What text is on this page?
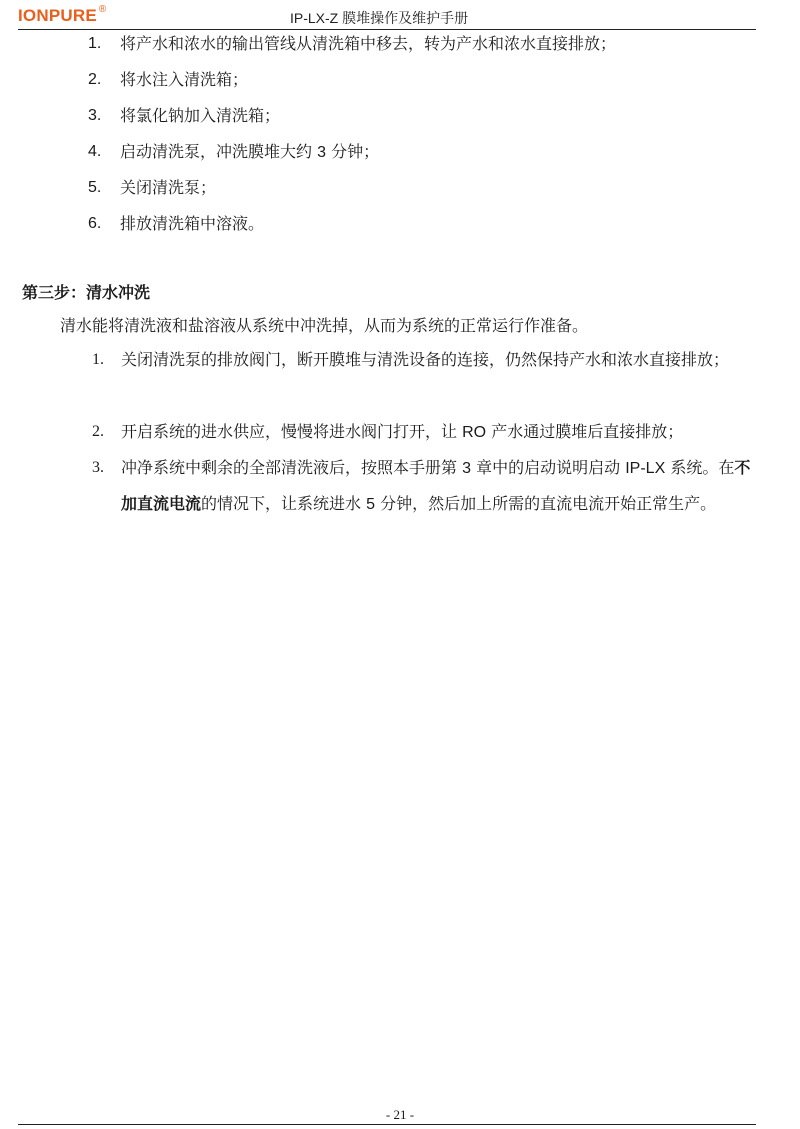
IONPURE ®
IP-LX-Z 膜堆操作及维护手册
1. 将产水和浓水的输出管线从清洗箱中移去，转为产水和浓水直接排放；
2. 将水注入清洗箱；
3. 将氯化钠加入清洗箱；
4. 启动清洗泵，冲洗膜堆大约 3 分钟；
5. 关闭清洗泵；
6. 排放清洗箱中溶液。
第三步：清水冲洗
清水能将清洗液和盐溶液从系统中冲洗掉，从而为系统的正常运行作准备。
1. 关闭清洗泵的排放阀门，断开膜堆与清洗设备的连接，仍然保持产水和浓水直接排放；
2. 开启系统的进水供应，慢慢将进水阀门打开，让 RO 产水通过膜堆后直接排放；
3. 冲净系统中剩余的全部清洗液后，按照本手册第 3 章中的启动说明启动 IP-LX 系统。在不加直流电流的情况下，让系统进水 5 分钟，然后加上所需的直流电流开始正常生产。
- 21 -
